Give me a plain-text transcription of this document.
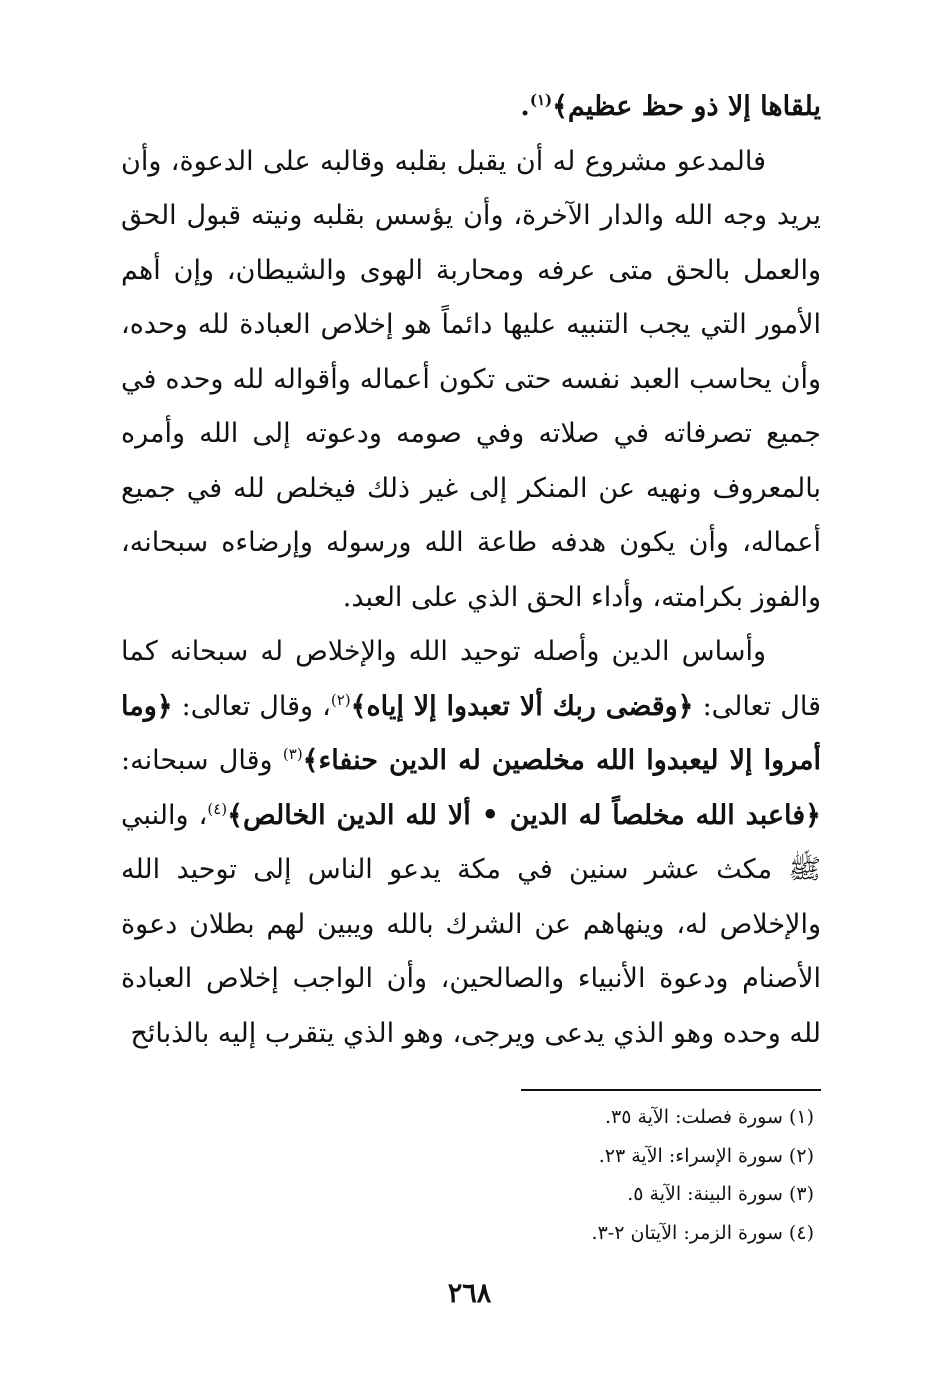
يلقاها إلا ذو حظ عظيم﴾$^{(١)}$.

فالمدعو مشروع له أن يقبل بقلبه وقالبه على الدعوة، وأن يريد وجه الله والدار الآخرة، وأن يؤسس بقلبه ونيته قبول الحق والعمل بالحق متى عرفه ومحاربة الهوى والشيطان، وإن أهم الأمور التي يجب التنبيه عليها دائماً هو إخلاص العبادة لله وحده، وأن يحاسب العبد نفسه حتى تكون أعماله وأقواله لله وحده في جميع تصرفاته في صلاته وفي صومه ودعوته إلى الله وأمره بالمعروف ونهيه عن المنكر إلى غير ذلك فيخلص لله في جميع أعماله، وأن يكون هدفه طاعة الله ورسوله وإرضاءه سبحانه، والفوز بكرامته، وأداء الحق الذي على العبد.

وأساس الدين وأصله توحيد الله والإخلاص له سبحانه كما قال تعالى: ﴿وقضى ربك ألا تعبدوا إلا إياه﴾$^{(٢)}$، وقال تعالى: ﴿وما أمروا إلا ليعبدوا الله مخلصين له الدين حنفاء﴾$^{(٣)}$ وقال سبحانه: ﴿فاعبد الله مخلصاً له الدين • ألا لله الدين الخالص﴾$^{(٤)}$، والنبي ﷺ مكث عشر سنين في مكة يدعو الناس إلى توحيد الله والإخلاص له، وينهاهم عن الشرك بالله ويبين لهم بطلان دعوة الأصنام ودعوة الأنبياء والصالحين، وأن الواجب إخلاص العبادة لله وحده وهو الذي يدعى ويرجى، وهو الذي يتقرب إليه بالذبائح

(١) سورة فصلت: الآية ٣٥.
(٢) سورة الإسراء: الآية ٢٣.
(٣) سورة البينة: الآية ٥.
(٤) سورة الزمر: الآيتان ٢-٣.
٢٦٨
